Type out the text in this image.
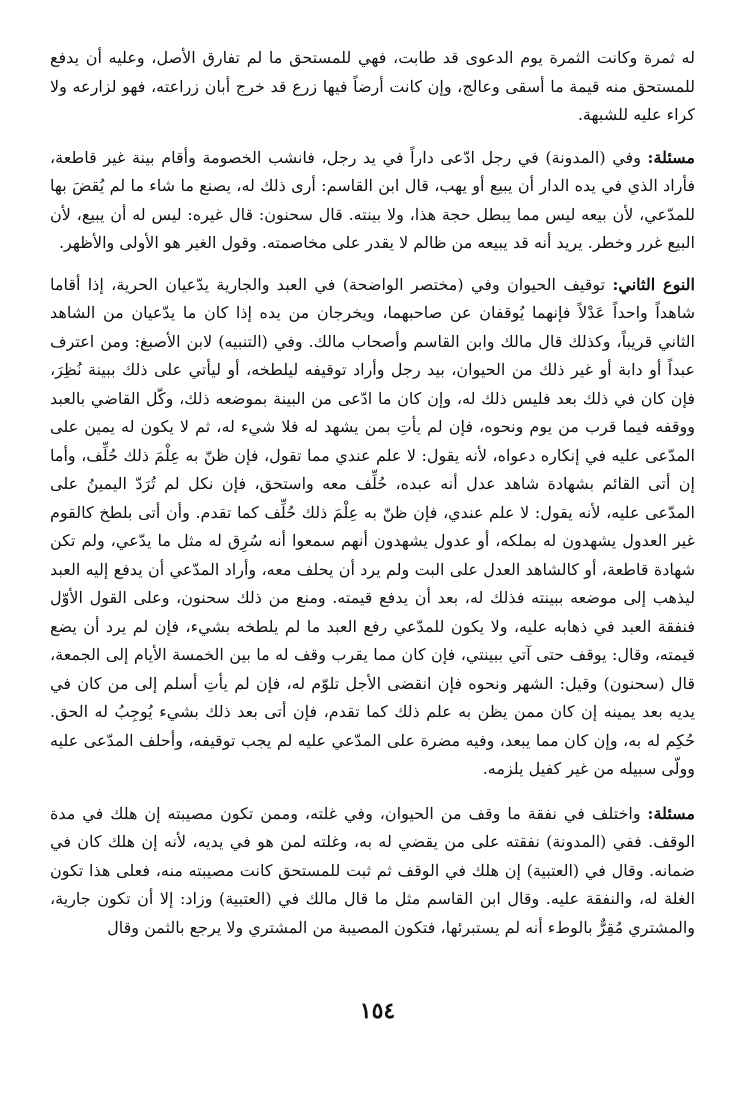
له ثمرة وكانت الثمرة يوم الدعوى قد طابت، فهي للمستحق ما لم تفارق الأصل، وعليه أن يدفع للمستحق منه قيمة ما أسقى وعالج، وإن كانت أرضاً فيها زرع قد خرج أبان زراعته، فهو لزارعه ولا كراء عليه للشبهة.

مسئلة: وفي (المدونة) في رجل ادّعى داراً في يد رجل، فانشب الخصومة وأقام بينة غير قاطعة، فأراد الذي في يده الدار أن يبيع أو يهب، قال ابن القاسم: أرى ذلك له، يصنع ما شاء ما لم يُقضَ بها للمدّعي، لأن بيعه ليس مما يبطل حجة هذا، ولا بينته. قال سحنون: قال غيره: ليس له أن يبيع، لأن البيع غرر وخطر. يريد أنه قد يبيعه من ظالم لا يقدر على مخاصمته. وقول الغير هو الأولى والأظهر.

النوع الثاني: توقيف الحيوان وفي (مختصر الواضحة) في العبد والجارية يدّعيان الحرية، إذا أقاما شاهداً واحداً عَدْلاً فإنهما يُوقفان عن صاحبهما، ويخرجان من يده إذا كان ما يدّعيان من الشاهد الثاني قريباً، وكذلك قال مالك وابن القاسم وأصحاب مالك. وفي (التنبيه) لابن الأصبغ: ومن اعترف عبداً أو دابة أو غير ذلك من الحيوان، بيد رجل وأراد توقيفه ليلطخه، أو ليأتي على ذلك ببينة نُظِرَ، فإن كان في ذلك بعد فليس ذلك له، وإن كان ما ادّعى من البينة بموضعه ذلك، وكّل القاضي بالعبد ووقفه فيما قرب من يوم ونحوه، فإن لم يأتِ بمن يشهد له فلا شيء له، ثم لا يكون له يمين على المدّعى عليه في إنكاره دعواه، لأنه يقول: لا علم عندي مما تقول، فإن ظنّ به عِلْمَ ذلك حُلِّف، وأما إن أتى القائم بشهادة شاهد عدل أنه عبده، حُلِّف معه واستحق، فإن نكل لم تُرَدّ اليمينُ على المدّعى عليه، لأنه يقول: لا علم عندي، فإن ظنّ به عِلْمَ ذلك حُلِّف كما تقدم. وأن أتى بلطخ كالقوم غير العدول يشهدون له بملكه، أو عدول يشهدون أنهم سمعوا أنه سُرِق له مثل ما يدّعي، ولم تكن شهادة قاطعة، أو كالشاهد العدل على البت ولم يرد أن يحلف معه، وأراد المدّعي أن يدفع إليه العبد ليذهب إلى موضعه ببينته فذلك له، بعد أن يدفع قيمته. ومنع من ذلك سحنون، وعلى القول الأوّل فنفقة العبد في ذهابه عليه، ولا يكون للمدّعي رفع العبد ما لم يلطخه بشيء، فإن لم يرد أن يضع قيمته، وقال: يوقف حتى آتي ببينتي، فإن كان مما يقرب وقف له ما بين الخمسة الأيام إلى الجمعة، قال (سحنون) وقيل: الشهر ونحوه فإن انقضى الأجل تلوّم له، فإن لم يأتِ أسلم إلى من كان في يديه بعد يمينه إن كان ممن يظن به علم ذلك كما تقدم، فإن أتى بعد ذلك بشيء يُوجِبُ له الحق. حُكِم له به، وإن كان مما يبعد، وفيه مضرة على المدّعي عليه لم يجب توقيفه، وأحلف المدّعى عليه وولّى سبيله من غير كفيل يلزمه.

مسئلة: واختلف في نفقة ما وقف من الحيوان، وفي غلته، وممن تكون مصيبته إن هلك في مدة الوقف. ففي (المدونة) نفقته على من يقضي له به، وغلته لمن هو في يديه، لأنه إن هلك كان في ضمانه. وقال في (العتبية) إن هلك في الوقف ثم ثبت للمستحق كانت مصيبته منه، فعلى هذا تكون الغلة له، والنفقة عليه. وقال ابن القاسم مثل ما قال مالك في (العتبية) وزاد: إلا أن تكون جارية، والمشتري مُقِرٌّ بالوطء أنه لم يستبرئها، فتكون المصيبة من المشتري ولا يرجع بالثمن وقال

١٥٤
